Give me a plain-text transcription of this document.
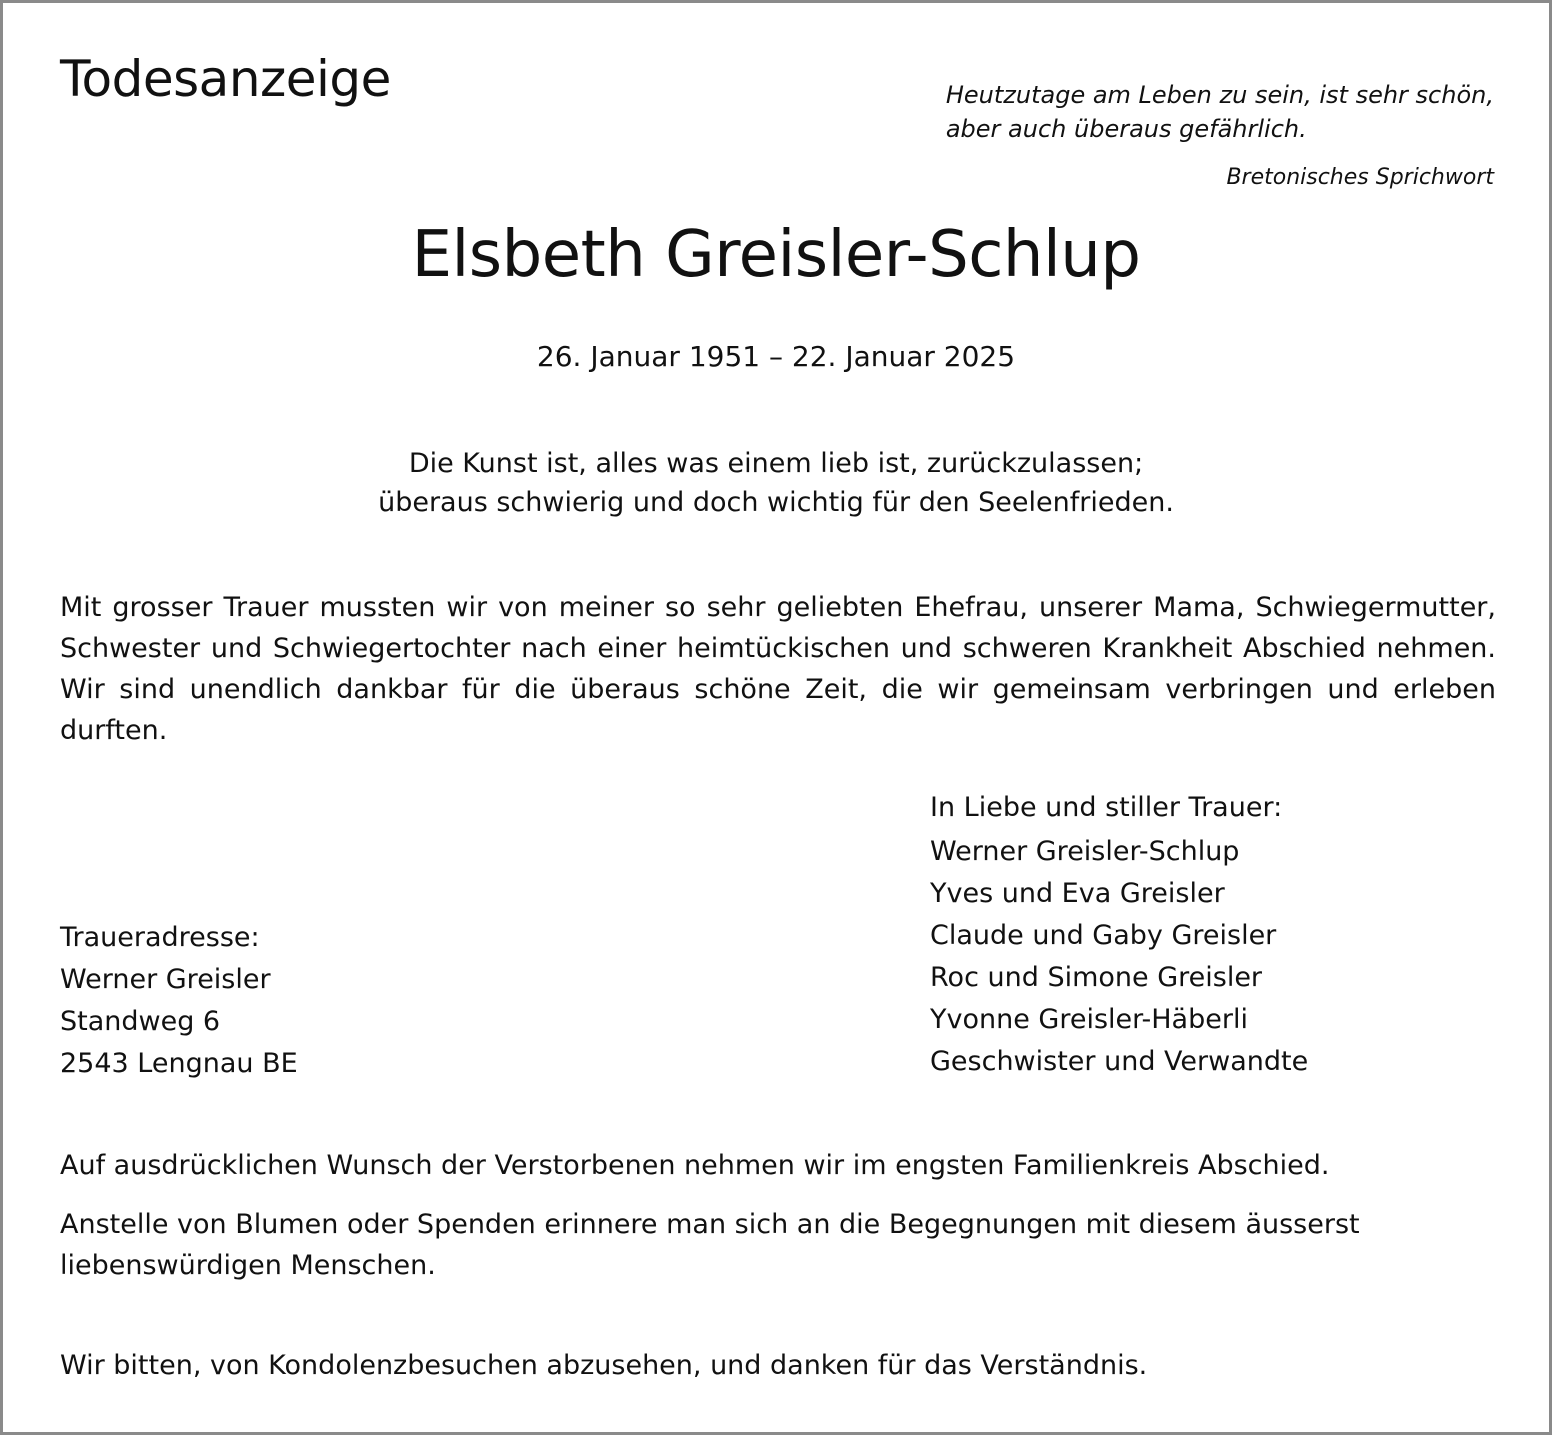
Todesanzeige	Heutzutage am Leben zu sein, ist sehr schön,
aber auch überaus gefährlich.
Bretonisches Sprichwort
Elsbeth Greisler-Schlup
26. Januar 1951 – 22. Januar 2025
Die Kunst ist, alles was einem lieb ist, zurückzulassen;
überaus schwierig und doch wichtig für den Seelenfrieden.

Mit grosser Trauer mussten wir von meiner so sehr geliebten Ehefrau, unserer Mama, Schwiegermutter, Schwester und Schwiegertochter nach einer heimtückischen und schweren Krankheit Abschied nehmen. Wir sind unendlich dankbar für die überaus schöne Zeit, die wir gemeinsam verbringen und erleben durften.

In Liebe und stiller Trauer:
Werner Greisler-Schlup
Yves und Eva Greisler
Claude und Gaby Greisler
Roc und Simone Greisler
Yvonne Greisler-Häberli
Geschwister und Verwandte
Traueradresse:
Werner Greisler
Standweg 6
2543 Lengnau BE

Auf ausdrücklichen Wunsch der Verstorbenen nehmen wir im engsten Familienkreis Abschied.

Anstelle von Blumen oder Spenden erinnere man sich an die Begegnungen mit diesem äusserst liebenswürdigen Menschen.

Wir bitten, von Kondolenzbesuchen abzusehen, und danken für das Verständnis.
